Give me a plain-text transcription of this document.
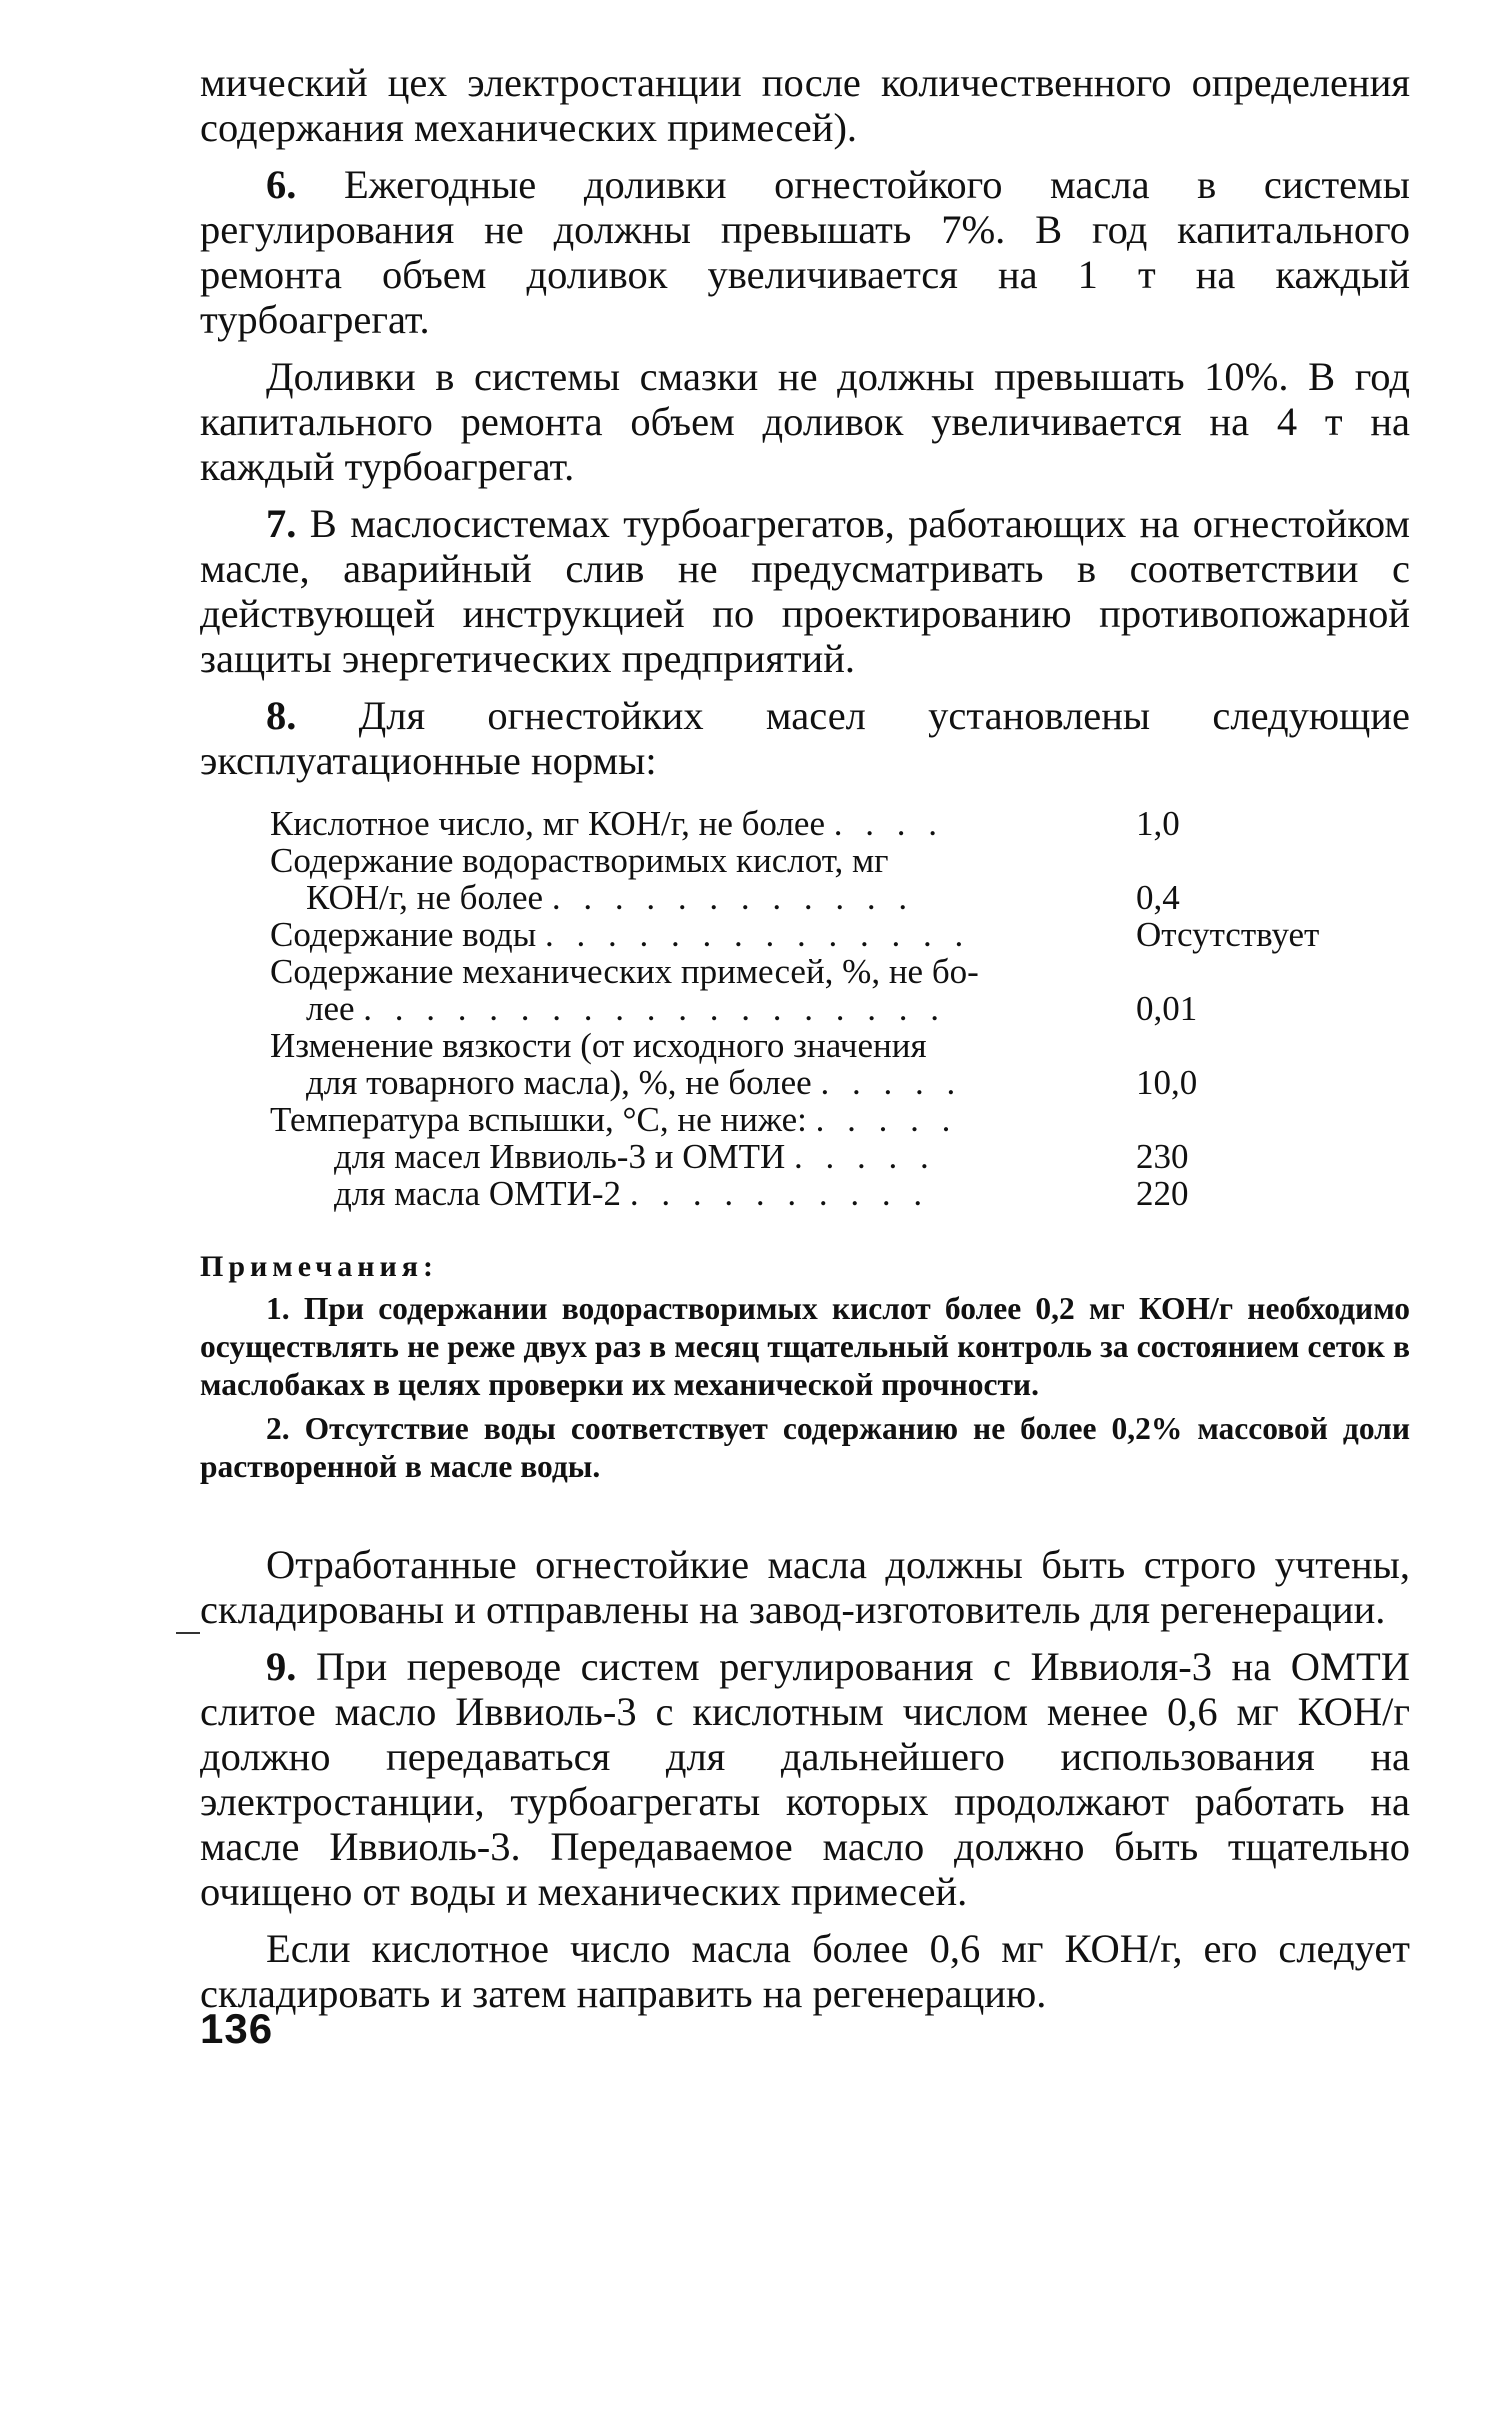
мический цех электростанции после количественного определения содержания механических примесей).

6. Ежегодные доливки огнестойкого масла в системы регулирования не должны превышать 7%. В год капитального ремонта объем доливок увеличивается на 1 т на каждый турбоагрегат.

Доливки в системы смазки не должны превышать 10%. В год капитального ремонта объем доливок увеличивается на 4 т на каждый турбоагрегат.

7. В маслосистемах турбоагрегатов, работающих на огнестойком масле, аварийный слив не предусматривать в соответствии с действующей инструкцией по проектированию противопожарной защиты энергетических предприятий.

8. Для огнестойких масел установлены следующие эксплуатационные нормы:

Кислотное число, мг КОН/г, не более . . . .	1,0
Содержание водорастворимых кислот, мг
КОН/г, не более . . . . . . . . . . . .	0,4
Содержание воды . . . . . . . . . . . . . .	Отсутствует
Содержание механических примесей, %, не бо-
лее . . . . . . . . . . . . . . . . . . .	0,01
Изменение вязкости (от исходного значения
для товарного масла), %, не более . . . . .	10,0
Температура вспышки, °С, не ниже: . . . . .	

для масел Иввиоль-3 и ОМТИ . . . . .	230

для масла ОМТИ-2 . . . . . . . . . .	220
Примечания:

1. При содержании водорастворимых кислот более 0,2 мг КОН/г необходимо осуществлять не реже двух раз в месяц тщательный контроль за состоянием сеток в маслобаках в целях проверки их механической прочности.

2. Отсутствие воды соответствует содержанию не более 0,2% массовой доли растворенной в масле воды.

Отработанные огнестойкие масла должны быть строго учтены, складированы и отправлены на завод-изготовитель для регенерации.

9. При переводе систем регулирования с Иввиоля-3 на ОМТИ слитое масло Иввиоль-3 с кислотным числом менее 0,6 мг КОН/г должно передаваться для дальнейшего использования на электростанции, турбоагрегаты которых продолжают работать на масле Иввиоль-3. Передаваемое масло должно быть тщательно очищено от воды и механических примесей.

Если кислотное число масла более 0,6 мг КОН/г, его следует складировать и затем направить на регенерацию.

136
